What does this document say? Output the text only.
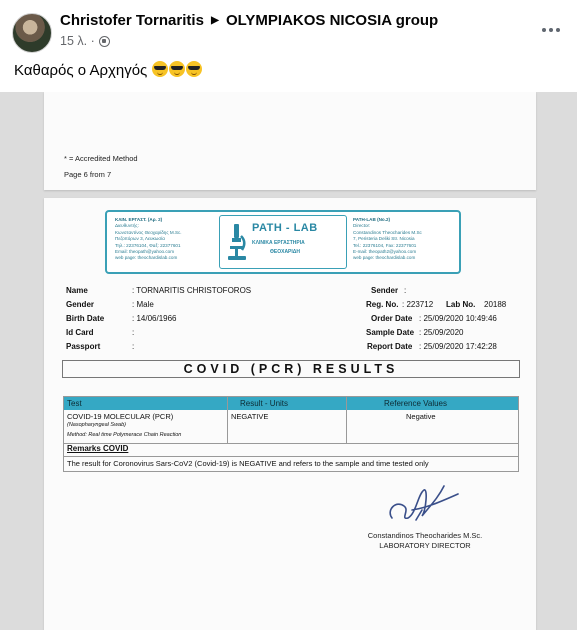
Christofer Tornaritis ▶ OLYMPIAKOS NICOSIA group
15 λ. ·
Καθαρός ο Αρχηγός
* = Accredited Method
Page 6 from 7
ΚΛΙΝ. ΕΡΓΑΣΤ. (Αρ. 2)
Διευθυντής:
Κωνσταντίνος Θεοχαρίδης M.Sc.
Πεζοπόρων 3, Λευκωσία
Τηλ.: 22376104, Φαξ: 22377601
Email: theopath@yahoo.com
web page: theochardislab.com
PATH - LAB
ΚΛΙΝΙΚΑ ΕΡΓΑΣΤΗΡΙΑ
ΘΕΟΧΑΡΙΔΗ
PATH-LAB (No.2)
Director:
Constandinos Theocharides M.Sc
7, Peristeria Deliki Str. Nicosia
Tel.: 22376104, Fax: 22377601
E-mail: theopath2@yahoo.com
web page: theochardislab.com
Name	: TORNARITIS CHRISTOFOROS
Gender	: Male
Birth Date	: 14/06/1966
Id Card	:
Passport	:
Sender :
Reg. No. : 223712 Lab No. 20188
Order Date : 25/09/2020 10:49:46
Sample Date : 25/09/2020
Report Date : 25/09/2020 17:42:28
COVID (PCR) RESULTS
Test	Result - Units	Reference Values
COVID-19 MOLECULAR (PCR)
(Nasopharyngeal Swab)
Method: Real time Polymerace Chain Reaction
NEGATIVE	Negative
Remarks COVID
The result for Coronovirus Sars-CoV2 (Covid-19) is NEGATIVE and refers to the sample and time tested only
Constandinos Theocharides M.Sc.
LABORATORY DIRECTOR
